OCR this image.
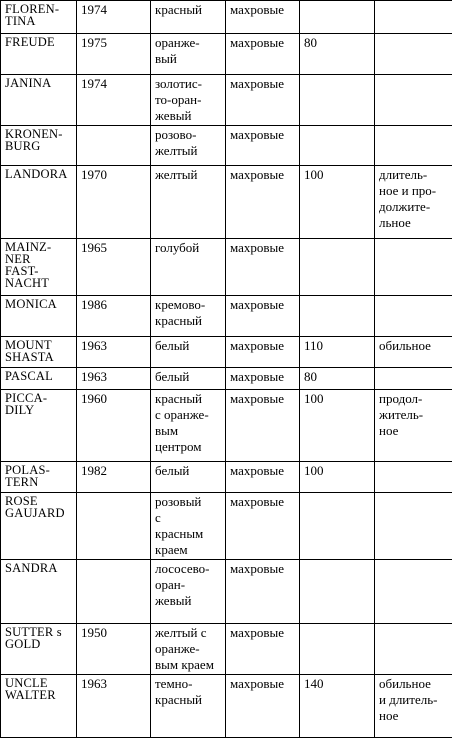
FLOREN-
TINA	1974	красный	махровые		

FREUDE	1975	оранже-
вый	махровые	80	

JANINA	1974	золотис-
то-оран-
жевый	махровые		

KRONEN-
BURG		розово-
желтый	махровые		

LANDORA	1970	желтый	махровые	100	длитель-
ное и про-
должите-
льное

MAINZ-
NER
FAST-
NACHT	1965	голубой	махровые		

MONICA	1986	кремово-
красный	махровые		

MOUNT
SHASTA	1963	белый	махровые	110	обильное

PASCAL	1963	белый	махровые	80	

PICCA-
DILY	1960	красный
с оранже-
вым
центром	махровые	100	продол-
житель-
ное

POLAS-
TERN	1982	белый	махровые	100	

ROSE
GAUJARD		розовый
с
красным
краем	махровые		

SANDRA		лососево-
оран-
жевый	махровые		

SUTTER s
GOLD	1950	желтый с
оранже-
вым краем	махровые		

UNCLE
WALTER	1963	темно-
красный	махровые	140	обильное
и длитель-
ное
